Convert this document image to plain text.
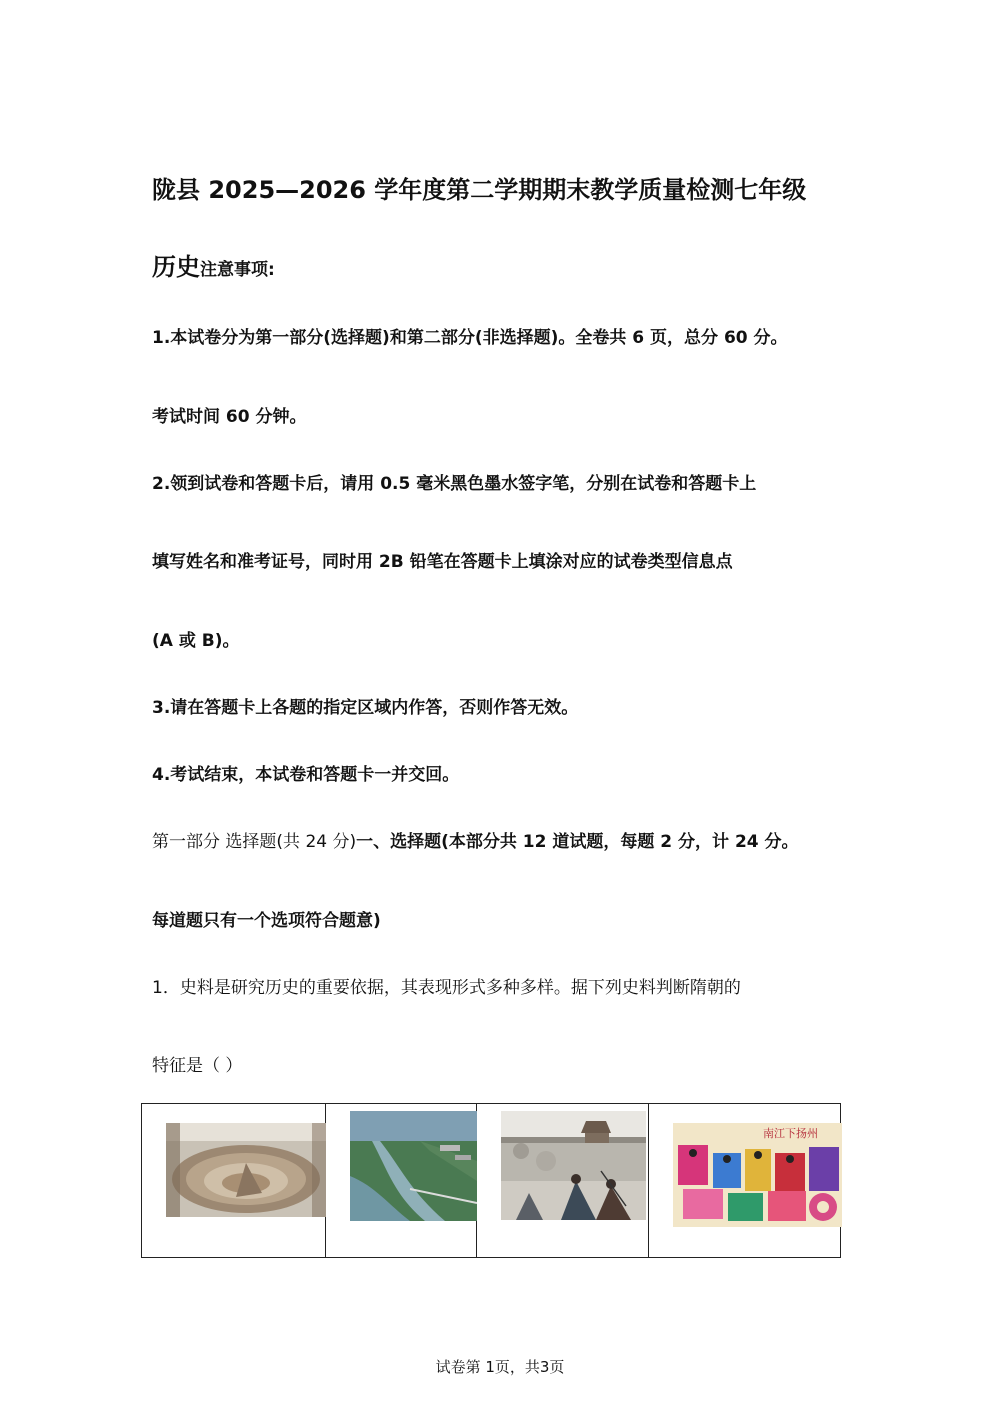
陇县 2025—2026 学年度第二学期期末教学质量检测七年级
历史注意事项:
1.本试卷分为第一部分(选择题)和第二部分(非选择题)。全卷共 6 页，总分 60 分。
考试时间 60 分钟。
2.领到试卷和答题卡后，请用 0.5 毫米黑色墨水签字笔，分别在试卷和答题卡上
填写姓名和准考证号，同时用 2B 铅笔在答题卡上填涂对应的试卷类型信息点
(A 或 B)。
3.请在答题卡上各题的指定区域内作答，否则作答无效。
4.考试结束，本试卷和答题卡一并交回。
第一部分 选择题(共 24 分)一、选择题(本部分共 12 道试题，每题 2 分，计 24 分。
每道题只有一个选项符合题意)
1．史料是研究历史的重要依据，其表现形式多种多样。据下列史料判断隋朝的
特征是（ ）
南江下扬州
试卷第 1页，共3页
